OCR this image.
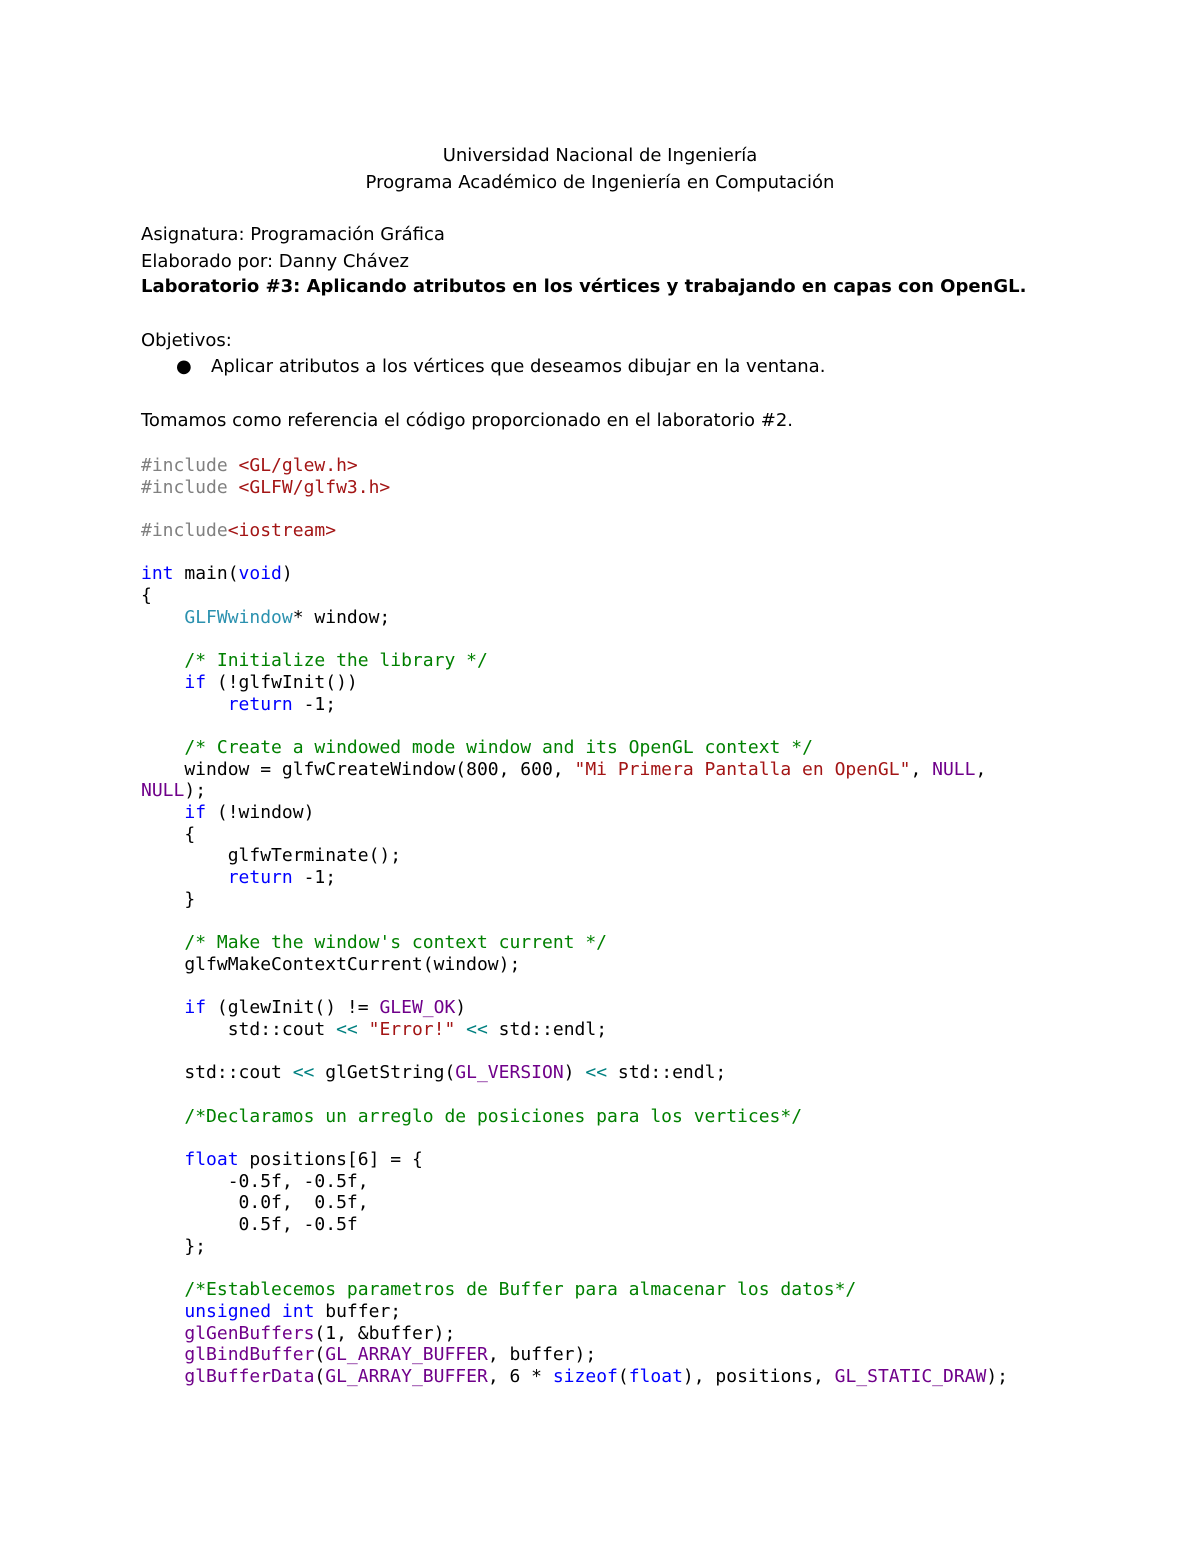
Universidad Nacional de Ingeniería
Programa Académico de Ingeniería en Computación
Asignatura: Programación Gráfica
Elaborado por: Danny Chávez
Laboratorio #3: Aplicando atributos en los vértices y trabajando en capas con OpenGL.
Objetivos:

●

Aplicar atributos a los vértices que deseamos dibujar en la ventana.

Tomamos como referencia el código proporcionado en el laboratorio #2.
#include <GL/glew.h>
#include <GLFW/glfw3.h>

#include<iostream>

int main(void)
{
GLFWwindow* window;

/* Initialize the library */
if (!glfwInit())
return -1;

/* Create a windowed mode window and its OpenGL context */
window = glfwCreateWindow(800, 600, "Mi Primera Pantalla en OpenGL", NULL,
NULL);
if (!window)
{
glfwTerminate();
return -1;
}

/* Make the window's context current */
glfwMakeContextCurrent(window);

if (glewInit() != GLEW_OK)
std::cout << "Error!" << std::endl;

std::cout << glGetString(GL_VERSION) << std::endl;

/*Declaramos un arreglo de posiciones para los vertices*/

float positions[6] = {
-0.5f, -0.5f,
0.0f,  0.5f,
0.5f, -0.5f
};

/*Establecemos parametros de Buffer para almacenar los datos*/
unsigned int buffer;
glGenBuffers(1, &buffer);
glBindBuffer(GL_ARRAY_BUFFER, buffer);
glBufferData(GL_ARRAY_BUFFER, 6 * sizeof(float), positions, GL_STATIC_DRAW);
